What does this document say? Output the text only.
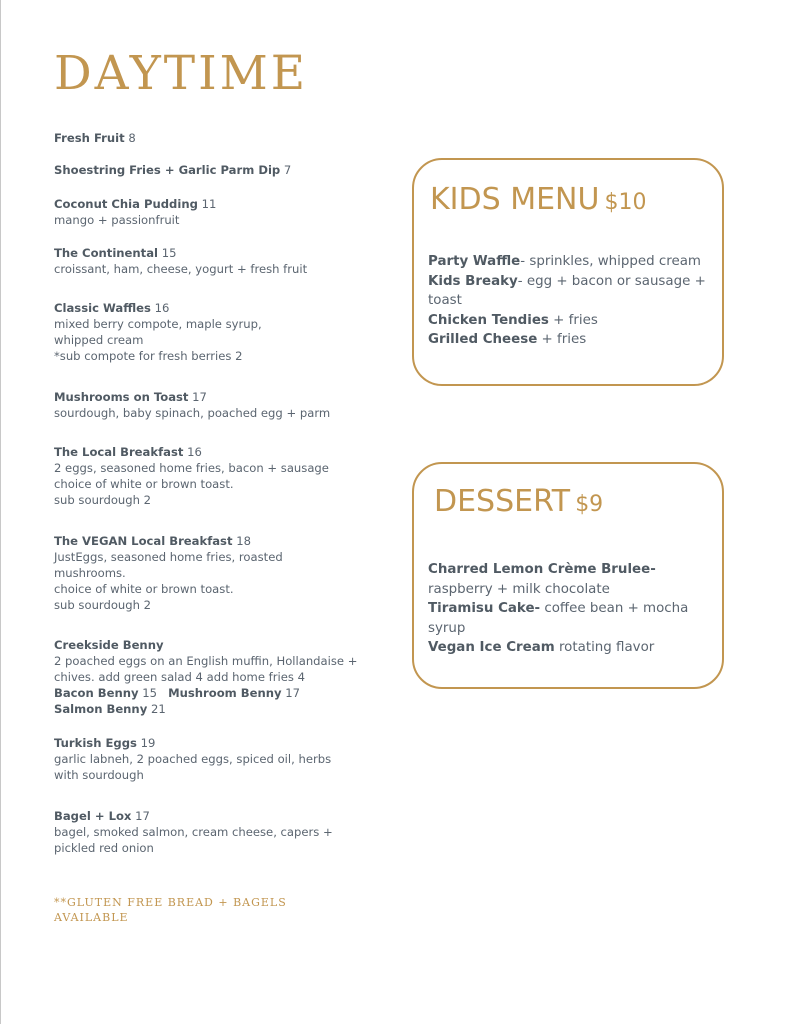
DAYTIME
Fresh Fruit 8
Shoestring Fries + Garlic Parm Dip 7
Coconut Chia Pudding 11
mango + passionfruit
The Continental 15
croissant, ham, cheese, yogurt + fresh fruit
Classic Waffles 16
mixed berry compote, maple syrup,
whipped cream
*sub compote for fresh berries 2
Mushrooms on Toast 17
sourdough, baby spinach, poached egg + parm
The Local Breakfast 16
2 eggs, seasoned home fries, bacon + sausage
choice of white or brown toast.
sub sourdough 2
The VEGAN Local Breakfast 18
JustEggs, seasoned home fries, roasted
mushrooms.
choice of white or brown toast.
sub sourdough 2
Creekside Benny
2 poached eggs on an English muffin, Hollandaise +
chives. add green salad 4 add home fries 4
Bacon Benny 15 Mushroom Benny 17
Salmon Benny 21
Turkish Eggs 19
garlic labneh, 2 poached eggs, spiced oil, herbs
with sourdough
Bagel + Lox 17
bagel, smoked salmon, cream cheese, capers +
pickled red onion
**GLUTEN FREE BREAD + BAGELS AVAILABLE
KIDS MENU $10
Party Waffle- sprinkles, whipped cream
Kids Breaky- egg + bacon or sausage +
toast
Chicken Tendies + fries
Grilled Cheese + fries
DESSERT $9
Charred Lemon Crème Brulee-
raspberry + milk chocolate
Tiramisu Cake- coffee bean + mocha
syrup
Vegan Ice Cream rotating flavor
